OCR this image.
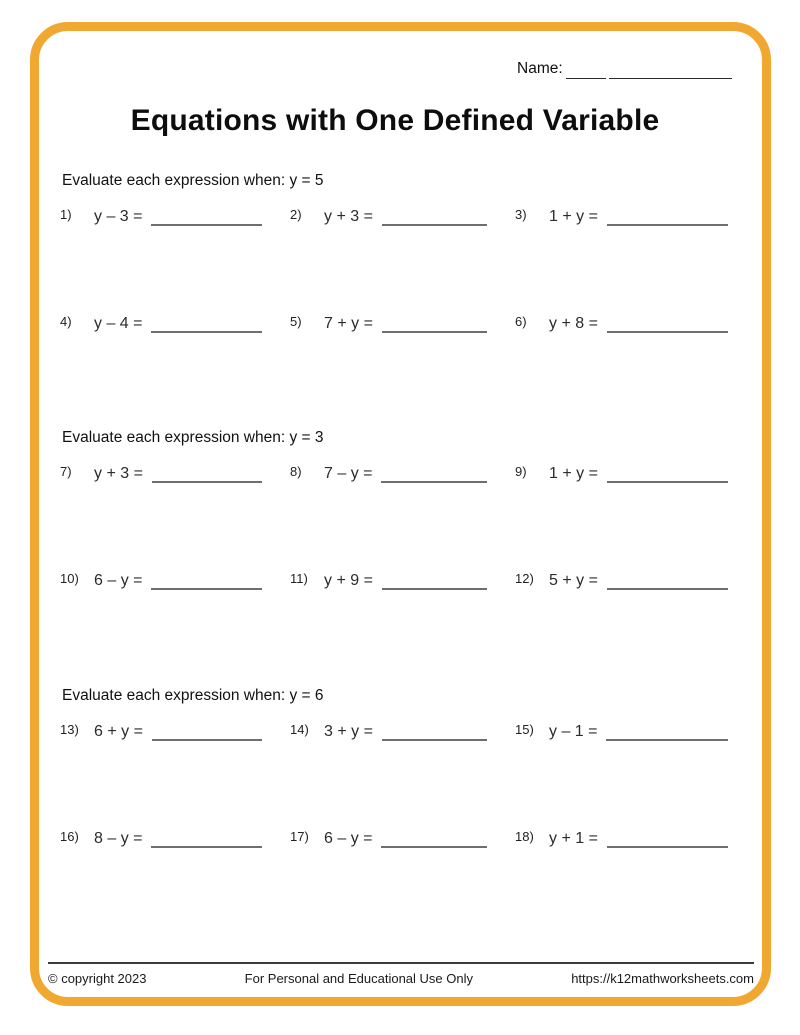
Name:
Equations with One Defined Variable
Evaluate each expression when: y = 5
1)	y – 3 =	2)	y + 3 =	3)	1 + y =
4)	y – 4 =	5)	7 + y =	6)	y + 8 =
Evaluate each expression when: y = 3
7)	y + 3 =	8)	7 – y =	9)	1 + y =
10) 6 – y =	11)	y + 9 =	12) 5 + y =
Evaluate each expression when: y = 6
13) 6 + y =	14) 3 + y =	15) y – 1 =
16) 8 – y =	17) 6 – y =	18) y + 1 =
© copyright 2023	For Personal and Educational Use Only	https://k12mathworksheets.com
